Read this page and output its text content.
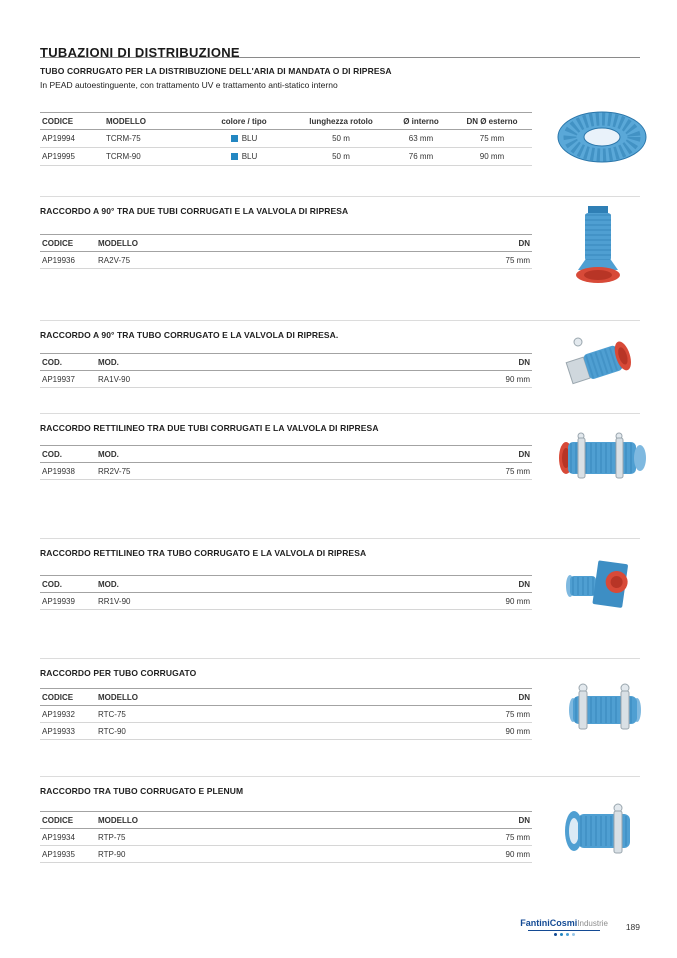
TUBAZIONI DI DISTRIBUZIONE
TUBO CORRUGATO PER LA DISTRIBUZIONE DELL'ARIA DI MANDATA O DI RIPRESA

In PEAD autoestinguente, con trattamento UV e trattamento anti-statico interno

CODICE	MODELLO	colore / tipo	lunghezza rotolo	Ø interno	DN Ø esterno
AP19994	TCRM-75	BLU	50 m	63 mm	75 mm
AP19995	TCRM-90	BLU	50 m	76 mm	90 mm
RACCORDO A 90° TRA DUE TUBI CORRUGATI E LA VALVOLA DI RIPRESA
CODICE	MODELLO	DN
AP19936	RA2V-75	75 mm
RACCORDO A 90° TRA TUBO CORRUGATO E LA VALVOLA DI RIPRESA.
COD.	MOD.	DN
AP19937	RA1V-90	90 mm
RACCORDO RETTILINEO TRA DUE TUBI CORRUGATI E LA VALVOLA DI RIPRESA
COD.	MOD.	DN
AP19938	RR2V-75	75 mm
RACCORDO RETTILINEO TRA TUBO CORRUGATO E LA VALVOLA DI RIPRESA
COD.	MOD.	DN
AP19939	RR1V-90	90 mm
RACCORDO PER TUBO CORRUGATO
CODICE	MODELLO	DN
AP19932	RTC-75	75 mm
AP19933	RTC-90	90 mm
RACCORDO TRA TUBO CORRUGATO E PLENUM
CODICE	MODELLO	DN
AP19934	RTP-75	75 mm
AP19935	RTP-90	90 mm
FantiniCosmiIndustrie 189
